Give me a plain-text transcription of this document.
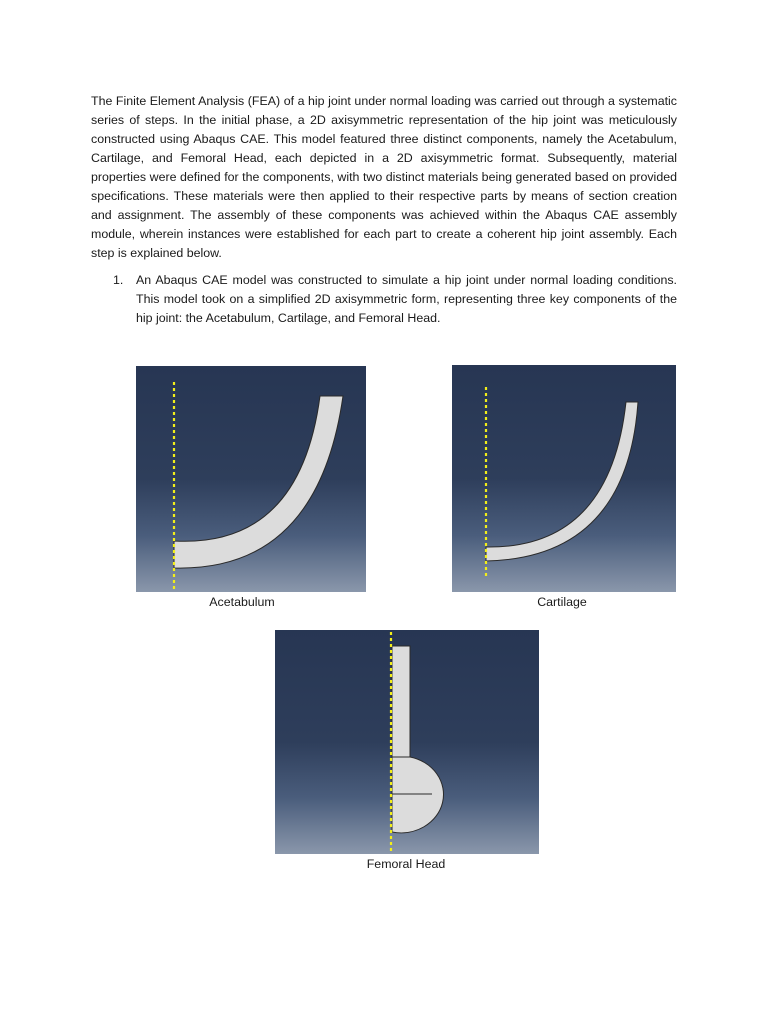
The Finite Element Analysis (FEA) of a hip joint under normal loading was carried out through a systematic series of steps. In the initial phase, a 2D axisymmetric representation of the hip joint was meticulously constructed using Abaqus CAE. This model featured three distinct components, namely the Acetabulum, Cartilage, and Femoral Head, each depicted in a 2D axisymmetric format. Subsequently, material properties were defined for the components, with two distinct materials being generated based on provided specifications. These materials were then applied to their respective parts by means of section creation and assignment. The assembly of these components was achieved within the Abaqus CAE assembly module, wherein instances were established for each part to create a coherent hip joint assembly. Each step is explained below.

1. An Abaqus CAE model was constructed to simulate a hip joint under normal loading conditions. This model took on a simplified 2D axisymmetric form, representing three key components of the hip joint: the Acetabulum, Cartilage, and Femoral Head.

Acetabulum	Cartilage
Femoral Head
